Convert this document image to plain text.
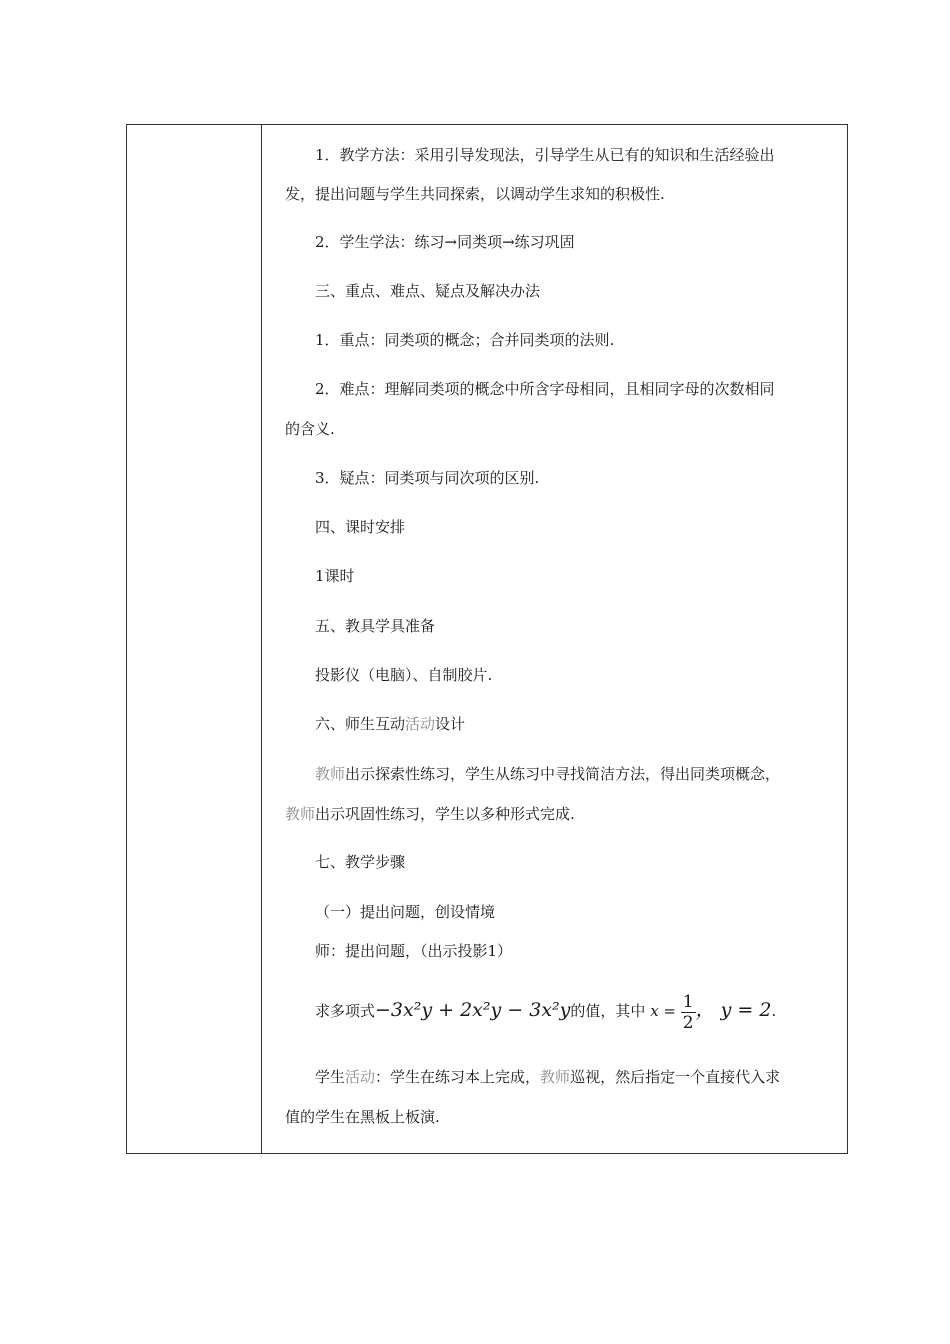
1．教学方法：采用引导发现法，引导学生从已有的知识和生活经验出
发，提出问题与学生共同探索，以调动学生求知的积极性.
2．学生学法：练习→同类项→练习巩固
三、重点、难点、疑点及解决办法
1．重点：同类项的概念；合并同类项的法则.
2．难点：理解同类项的概念中所含字母相同，且相同字母的次数相同
的含义.
3．疑点：同类项与同次项的区别.
四、课时安排
1课时
五、教具学具准备
投影仪（电脑）、自制胶片.
六、师生互动活动设计
教师出示探索性练习，学生从练习中寻找简洁方法，得出同类项概念，
教师出示巩固性练习，学生以多种形式完成.
七、教学步骤
（一）提出问题，创设情境
师：提出问题，（出示投影1）
求多项式−3x²y + 2x²y − 3x²y的值，其中 $x = \frac{1}{2}$ ， y = 2.
学生活动：学生在练习本上完成，教师巡视，然后指定一个直接代入求
值的学生在黑板上板演.
